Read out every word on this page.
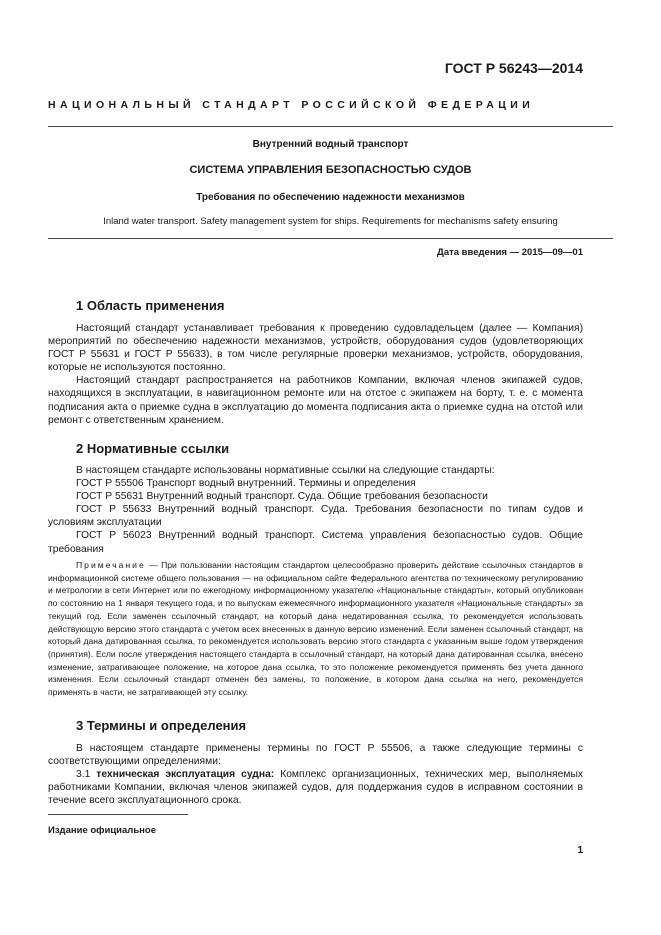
ГОСТ Р 56243—2014
НАЦИОНАЛЬНЫЙ СТАНДАРТ РОССИЙСКОЙ ФЕДЕРАЦИИ
Внутренний водный транспорт
СИСТЕМА УПРАВЛЕНИЯ БЕЗОПАСНОСТЬЮ СУДОВ
Требования по обеспечению надежности механизмов
Inland water transport. Safety management system for ships. Requirements for mechanisms safety ensuring
Дата введения — 2015—09—01
1 Область применения

Настоящий стандарт устанавливает требования к проведению судовладельцем (далее — Компания) мероприятий по обеспечению надежности механизмов, устройств, оборудования судов (удовлетворяющих ГОСТ Р 55631 и ГОСТ Р 55633), в том числе регулярные проверки механизмов, устройств, оборудования, которые не используются постоянно.

Настоящий стандарт распространяется на работников Компании, включая членов экипажей судов, находящихся в эксплуатации, в навигационном ремонте или на отстое с экипажем на борту, т. е. с момента подписания акта о приемке судна в эксплуатацию до момента подписания акта о приемке судна на отстой или ремонт с ответственным хранением.

2 Нормативные ссылки

В настоящем стандарте использованы нормативные ссылки на следующие стандарты:

ГОСТ Р 55506 Транспорт водный внутренний. Термины и определения

ГОСТ Р 55631 Внутренний водный транспорт. Суда. Общие требования безопасности

ГОСТ Р 55633 Внутренний водный транспорт. Суда. Требования безопасности по типам судов и условиям эксплуатации

ГОСТ Р 56023 Внутренний водный транспорт. Система управления безопасностью судов. Общие требования

Примечание — При пользовании настоящим стандартом целесообразно проверить действие ссылочных стандартов в информационной системе общего пользования — на официальном сайте Федерального агентства по техническому регулированию и метрологии в сети Интернет или по ежегодному информационному указателю «Национальные стандарты», который опубликован по состоянию на 1 января текущего года, и по выпускам ежемесячного информационного указателя «Национальные стандарты» за текущий год. Если заменен ссылочный стандарт, на который дана недатированная ссылка, то рекомендуется использовать действующую версию этого стандарта с учетом всех внесенных в данную версию изменений. Если заменен ссылочный стандарт, на который дана датированная ссылка, то рекомендуется использовать версию этого стандарта с указанным выше годом утверждения (принятия). Если после утверждения настоящего стандарта в ссылочный стандарт, на который дана датированная ссылка, внесено изменение, затрагивающее положение, на которое дана ссылка, то это положение рекомендуется применять без учета данного изменения. Если ссылочный стандарт отменен без замены, то положение, в котором дана ссылка на него, рекомендуется применять в части, не затрагивающей эту ссылку.
3 Термины и определения

В настоящем стандарте применены термины по ГОСТ Р 55506, а также следующие термины с соответствующими определениями:

3.1 техническая эксплуатация судна: Комплекс организационных, технических мер, выполняемых работниками Компании, включая членов экипажей судов, для поддержания судов в исправном состоянии в течение всего эксплуатационного срока.

Издание официальное
1
